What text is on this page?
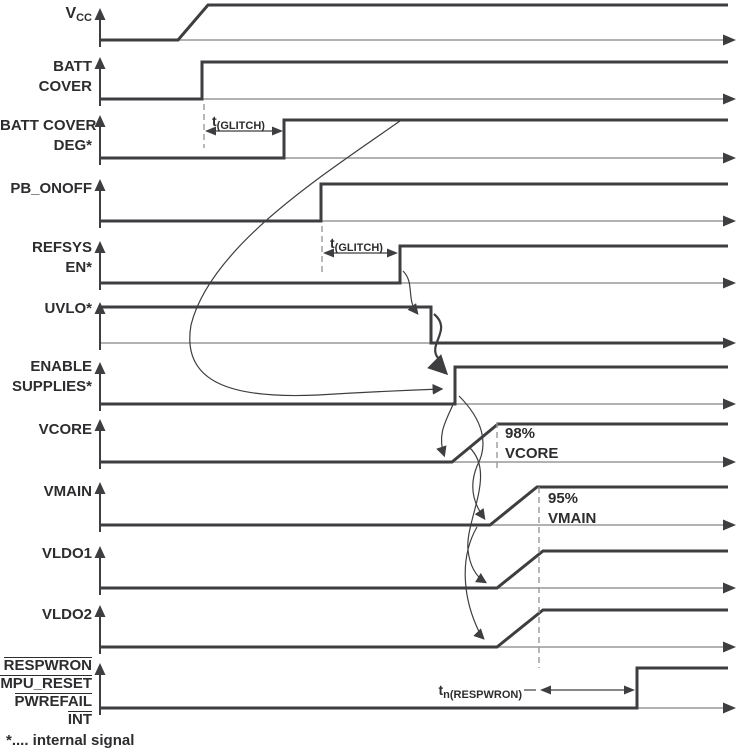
$V_{CC}$
BATT
COVER
BATT COVER
DEG*
PB_ONOFF
REFSYS
EN*
UVLO*
ENABLE
SUPPLIES*
VCORE
VMAIN
VLDO1
VLDO2
RESPWRON
MPU_RESET
PWREFAIL
INT
$t_{(GLITCH)}$
$t_{(GLITCH)}$
98%
VCORE
95%
VMAIN
$t_{n(RESPWRON)}$
*.... internal signal
